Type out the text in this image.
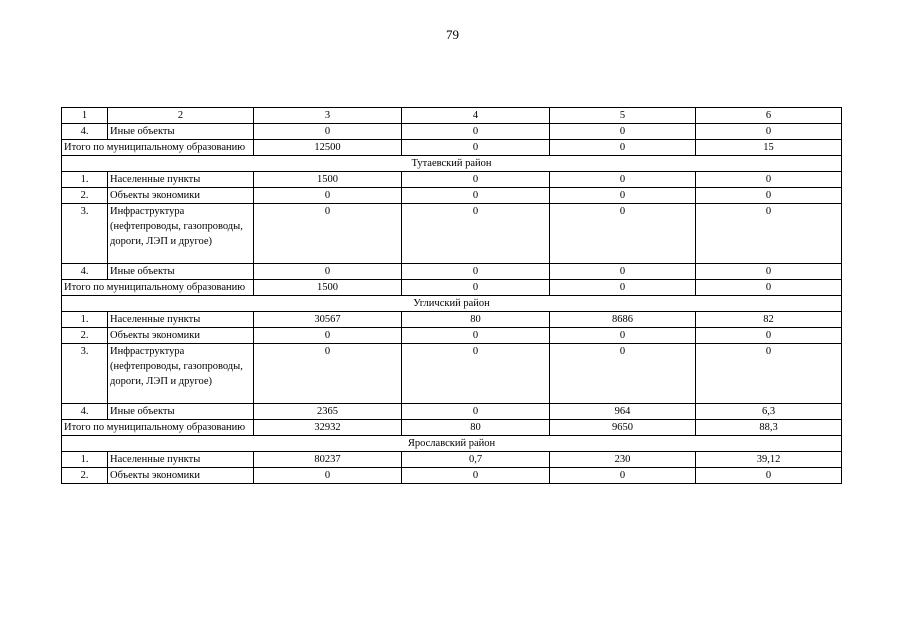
79
1	2	3	4	5	6
4.	Иные объекты	0	0	0	0
Итого по муниципальному образованию		12500	0	0	15
Тутаевский район					
1.	Населенные пункты	1500	0	0	0
2.	Объекты экономики	0	0	0	0
3.	Инфраструктура (нефтепроводы, газопроводы, дороги, ЛЭП и другое)	0	0	0	0
4.	Иные объекты	0	0	0	0
Итого по муниципальному образованию		1500	0	0	0
Угличский район					
1.	Населенные пункты	30567	80	8686	82
2.	Объекты экономики	0	0	0	0
3.	Инфраструктура (нефтепроводы, газопроводы, дороги, ЛЭП и другое)	0	0	0	0
4.	Иные объекты	2365	0	964	6,3
Итого по муниципальному образованию		32932	80	9650	88,3
Ярославский район					
1.	Населенные пункты	80237	0,7	230	39,12
2.	Объекты экономики	0	0	0	0
